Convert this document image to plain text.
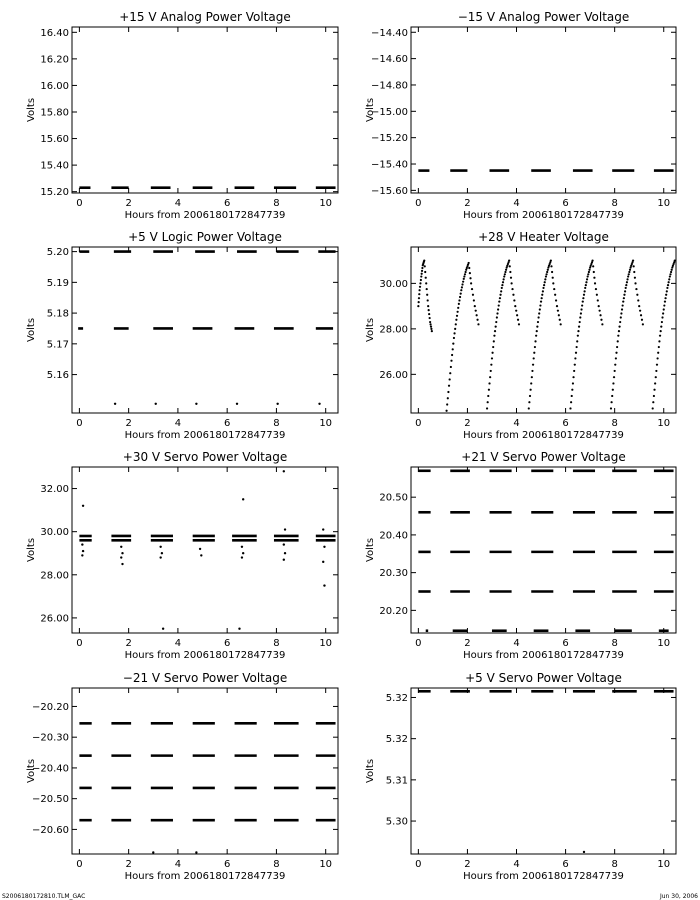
+15 V Analog Power Voltage
0	2	4	6	8	10
15.20
15.40
15.60
15.80
16.00
16.20
16.40
Hours from 2006180172847739
Volts
−15 V Analog Power Voltage
0	2	4	6	8	10
−14.40
−14.60
−14.80
−15.00
−15.20
−15.40
−15.60
Hours from 2006180172847739
Volts
+5 V Logic Power Voltage
0	2	4	6	8	10
5.16
5.17
5.18
5.19
5.20
Hours from 2006180172847739
Volts
+28 V Heater Voltage
0	2	4	6	8	10
26.00
28.00
30.00
Hours from 2006180172847739
Volts
+30 V Servo Power Voltage
0	2	4	6	8	10
26.00
28.00
30.00
32.00
Hours from 2006180172847739
Volts
+21 V Servo Power Voltage
0	2	4	6	8	10
20.20
20.30
20.40
20.50
Hours from 2006180172847739
Volts
−21 V Servo Power Voltage
0	2	4	6	8	10
−20.20
−20.30
−20.40
−20.50
−20.60
Hours from 2006180172847739
Volts
+5 V Servo Power Voltage
0	2	4	6	8	10
5.30
5.31
5.32
5.32
Hours from 2006180172847739
Volts
S2006180172810.TLM_GAC	Jun 30, 2006
